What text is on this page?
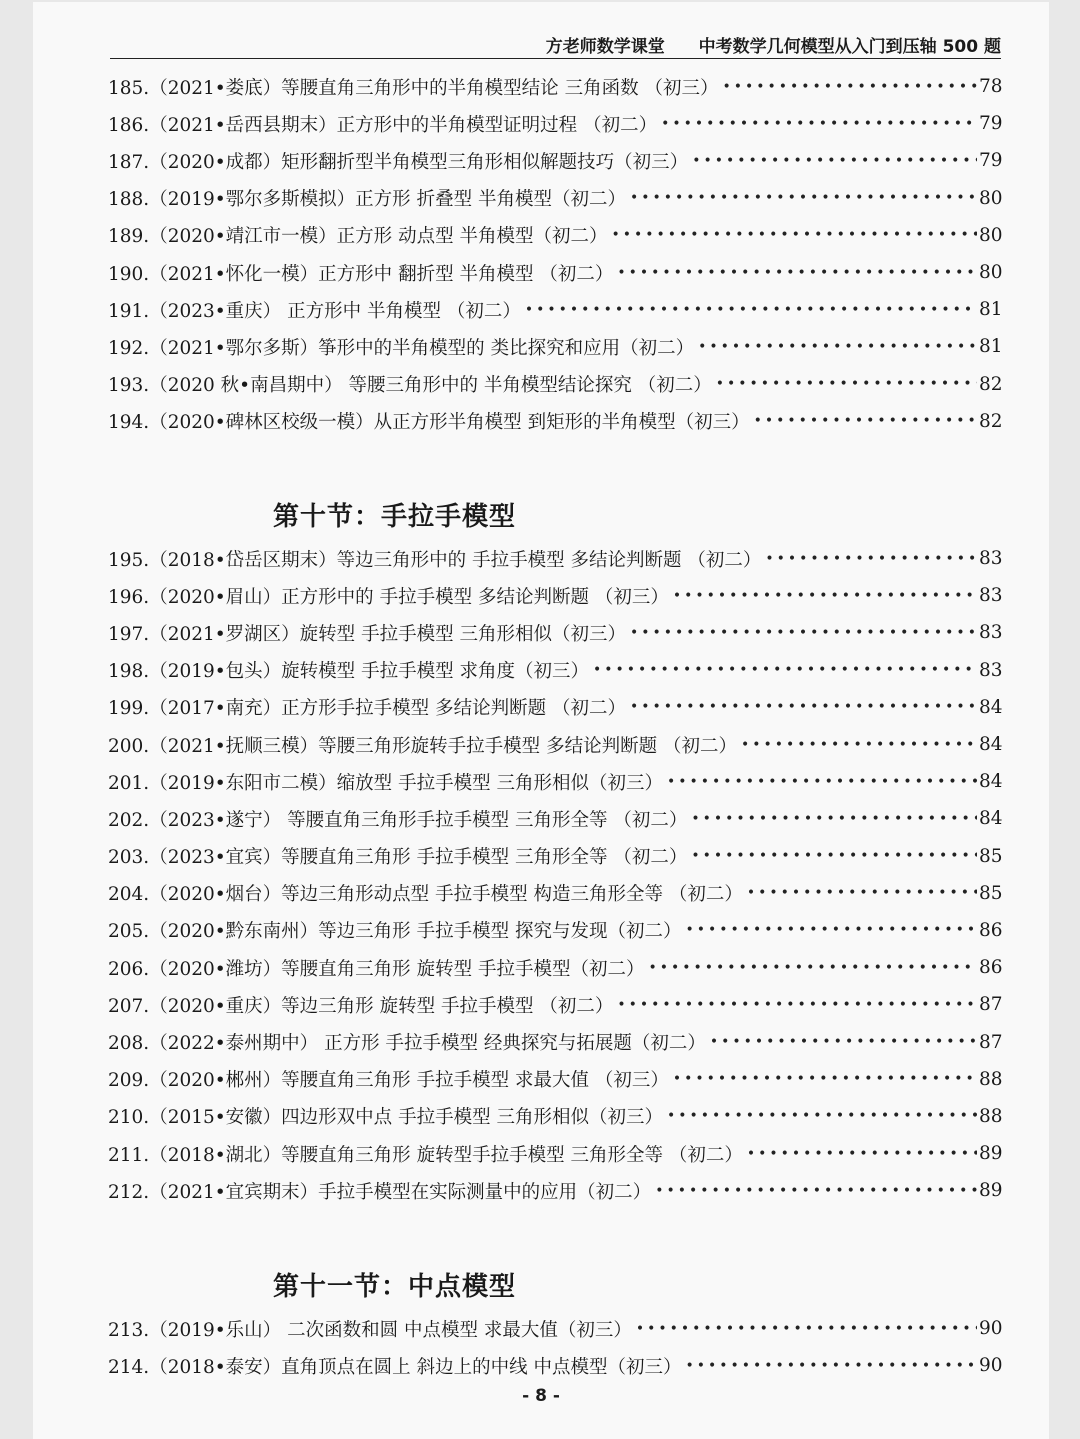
方老师数学课堂 中考数学几何模型从入门到压轴 500 题
185.（2021•娄底）等腰直角三角形中的半角模型结论 三角函数 （初三） •••••	78
186.（2021•岳西县期末）正方形中的半角模型证明过程 （初二） •••••	79
187.（2020•成都）矩形翻折型半角模型三角形相似解题技巧（初三） •••••	79
188.（2019•鄂尔多斯模拟）正方形 折叠型 半角模型（初二） •••••	80
189.（2020•靖江市一模）正方形 动点型 半角模型（初二） •••••	80
190.（2021•怀化一模）正方形中 翻折型 半角模型 （初二） •••••	80
191.（2023•重庆） 正方形中 半角模型 （初二） •••••	81
192.（2021•鄂尔多斯）筝形中的半角模型的 类比探究和应用（初二） •••••	81
193.（2020 秋•南昌期中） 等腰三角形中的 半角模型结论探究 （初二） •••••	82
194.（2020•碑林区校级一模）从正方形半角模型 到矩形的半角模型（初三） •••••	82
第十节：手拉手模型
195.（2018•岱岳区期末）等边三角形中的 手拉手模型 多结论判断题 （初二） •••••	83
196.（2020•眉山）正方形中的 手拉手模型 多结论判断题 （初三） •••••	83
197.（2021•罗湖区）旋转型 手拉手模型 三角形相似（初三） •••••	83
198.（2019•包头）旋转模型 手拉手模型 求角度（初三） •••••	83
199.（2017•南充）正方形手拉手模型 多结论判断题 （初二） •••••	84
200.（2021•抚顺三模）等腰三角形旋转手拉手模型 多结论判断题 （初二） •••••	84
201.（2019•东阳市二模）缩放型 手拉手模型 三角形相似（初三） •••••	84
202.（2023•遂宁） 等腰直角三角形手拉手模型 三角形全等 （初二） •••••	84
203.（2023•宜宾）等腰直角三角形 手拉手模型 三角形全等 （初二） •••••	85
204.（2020•烟台）等边三角形动点型 手拉手模型 构造三角形全等 （初二） •••••	85
205.（2020•黔东南州）等边三角形 手拉手模型 探究与发现（初二） •••••	86
206.（2020•潍坊）等腰直角三角形 旋转型 手拉手模型（初二） •••••	86
207.（2020•重庆）等边三角形 旋转型 手拉手模型 （初二） •••••	87
208.（2022•泰州期中） 正方形 手拉手模型 经典探究与拓展题（初二） •••••	87
209.（2020•郴州）等腰直角三角形 手拉手模型 求最大值 （初三） •••••	88
210.（2015•安徽）四边形双中点 手拉手模型 三角形相似（初三） •••••	88
211.（2018•湖北）等腰直角三角形 旋转型手拉手模型 三角形全等 （初二） •••••	89
212.（2021•宜宾期末）手拉手模型在实际测量中的应用（初二） •••••	89
第十一节：中点模型
213.（2019•乐山） 二次函数和圆 中点模型 求最大值（初三） •••••	90
214.（2018•泰安）直角顶点在圆上 斜边上的中线 中点模型（初三） •••••	90
- 8 -
